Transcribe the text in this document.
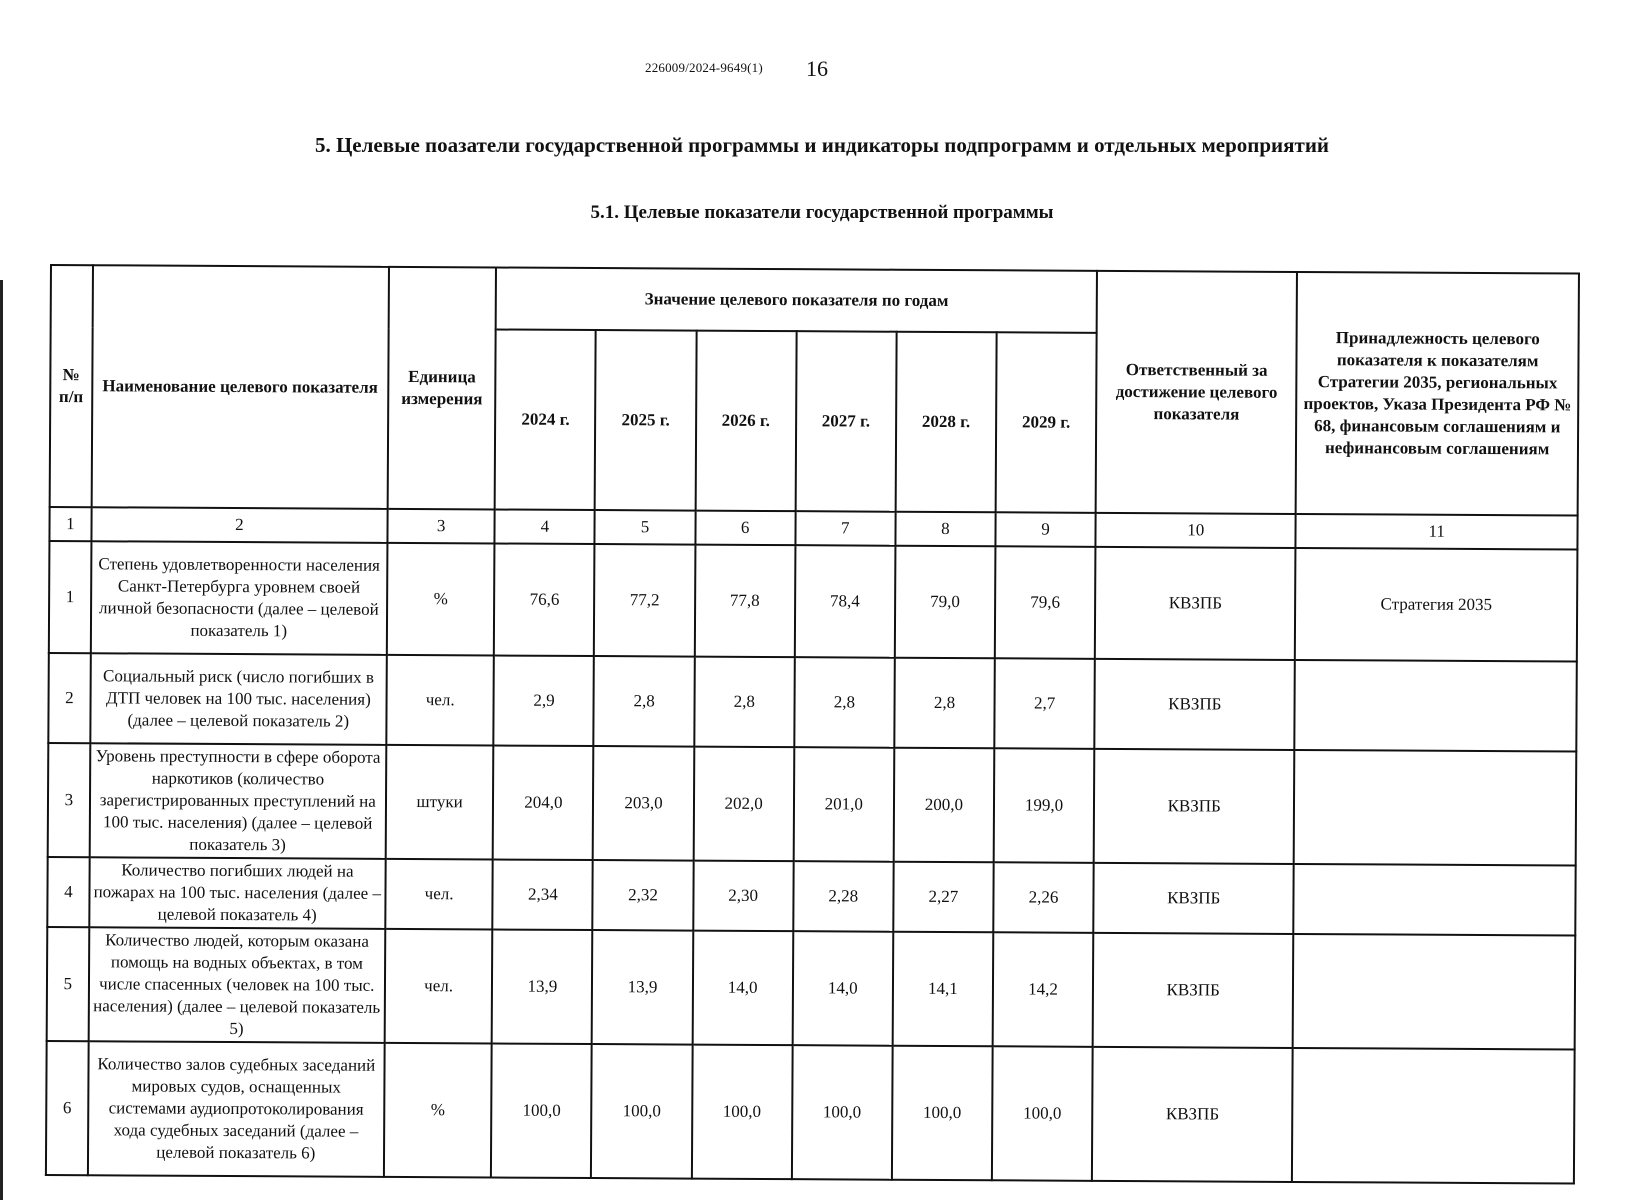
226009/2024-9649(1) 16
5. Целевые поазатели государственной программы и индикаторы подпрограмм и отдельных мероприятий
5.1. Целевые показатели государственной программы
№ п/п	Наименование целевого показателя	Единица измерения	Значение целевого показателя по годам						Ответственный за достижение целевого показателя	Принадлежность целевого показателя к показателям Стратегии 2035, региональных проектов, Указа Президента РФ № 68, финансовым соглашениям и нефинансовым соглашениям
			2024 г.	2025 г.	2026 г.	2027 г.	2028 г.	2029 г.		
1	2	3	4	5	6	7	8	9	10	11
1	Степень удовлетворенности населения Санкт-Петербурга уровнем своей личной безопасности (далее – целевой показатель 1)	%	76,6	77,2	77,8	78,4	79,0	79,6	КВЗПБ	Стратегия 2035
2	Социальный риск (число погибших в ДТП человек на 100 тыс. населения) (далее – целевой показатель 2)	чел.	2,9	2,8	2,8	2,8	2,8	2,7	КВЗПБ	
3	Уровень преступности в сфере оборота наркотиков (количество зарегистрированных преступлений на 100 тыс. населения) (далее – целевой показатель 3)	штуки	204,0	203,0	202,0	201,0	200,0	199,0	КВЗПБ	
4	Количество погибших людей на пожарах на 100 тыс. населения (далее – целевой показатель 4)	чел.	2,34	2,32	2,30	2,28	2,27	2,26	КВЗПБ	
5	Количество людей, которым оказана помощь на водных объектах, в том числе спасенных (человек на 100 тыс. населения) (далее – целевой показатель 5)	чел.	13,9	13,9	14,0	14,0	14,1	14,2	КВЗПБ	
6	Количество залов судебных заседаний мировых судов, оснащенных системами аудиопротоколирования хода судебных заседаний (далее – целевой показатель 6)	%	100,0	100,0	100,0	100,0	100,0	100,0	КВЗПБ	
